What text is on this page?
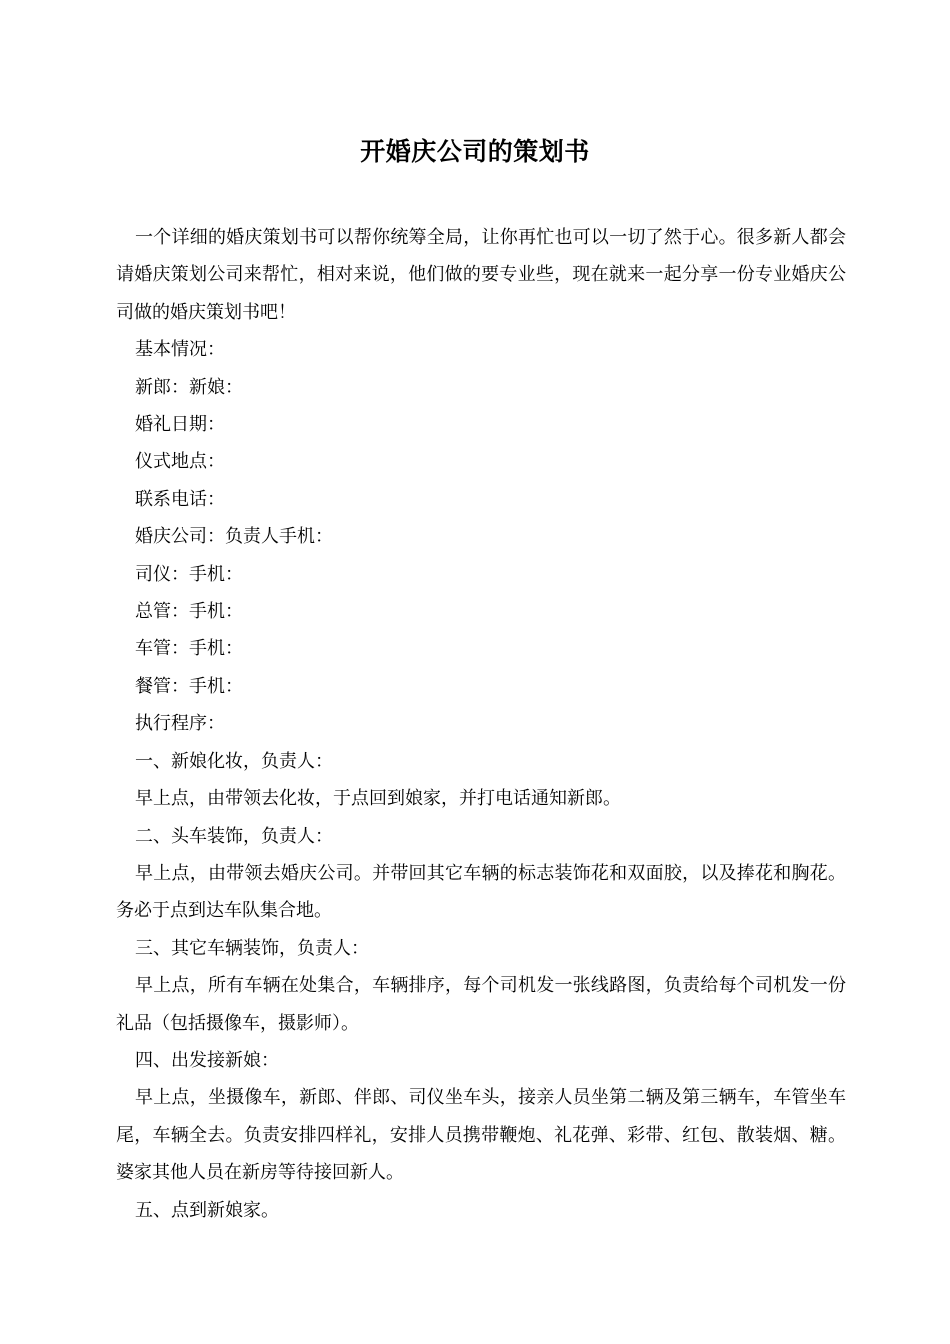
开婚庆公司的策划书

一个详细的婚庆策划书可以帮你统筹全局，让你再忙也可以一切了然于心。很多新人都会请婚庆策划公司来帮忙，相对来说，他们做的要专业些，现在就来一起分享一份专业婚庆公司做的婚庆策划书吧！

基本情况：

新郎：新娘：

婚礼日期：

仪式地点：

联系电话：

婚庆公司：负责人手机：

司仪：手机：

总管：手机：

车管：手机：

餐管：手机：

执行程序：

一、新娘化妆，负责人：

早上点，由带领去化妆，于点回到娘家，并打电话通知新郎。

二、头车装饰，负责人：

早上点，由带领去婚庆公司。并带回其它车辆的标志装饰花和双面胶，以及捧花和胸花。务必于点到达车队集合地。

三、其它车辆装饰，负责人：

早上点，所有车辆在处集合，车辆排序，每个司机发一张线路图，负责给每个司机发一份礼品（包括摄像车，摄影师）。

四、出发接新娘：

早上点，坐摄像车，新郎、伴郎、司仪坐车头，接亲人员坐第二辆及第三辆车，车管坐车尾，车辆全去。负责安排四样礼，安排人员携带鞭炮、礼花弹、彩带、红包、散装烟、糖。婆家其他人员在新房等待接回新人。

五、点到新娘家。
